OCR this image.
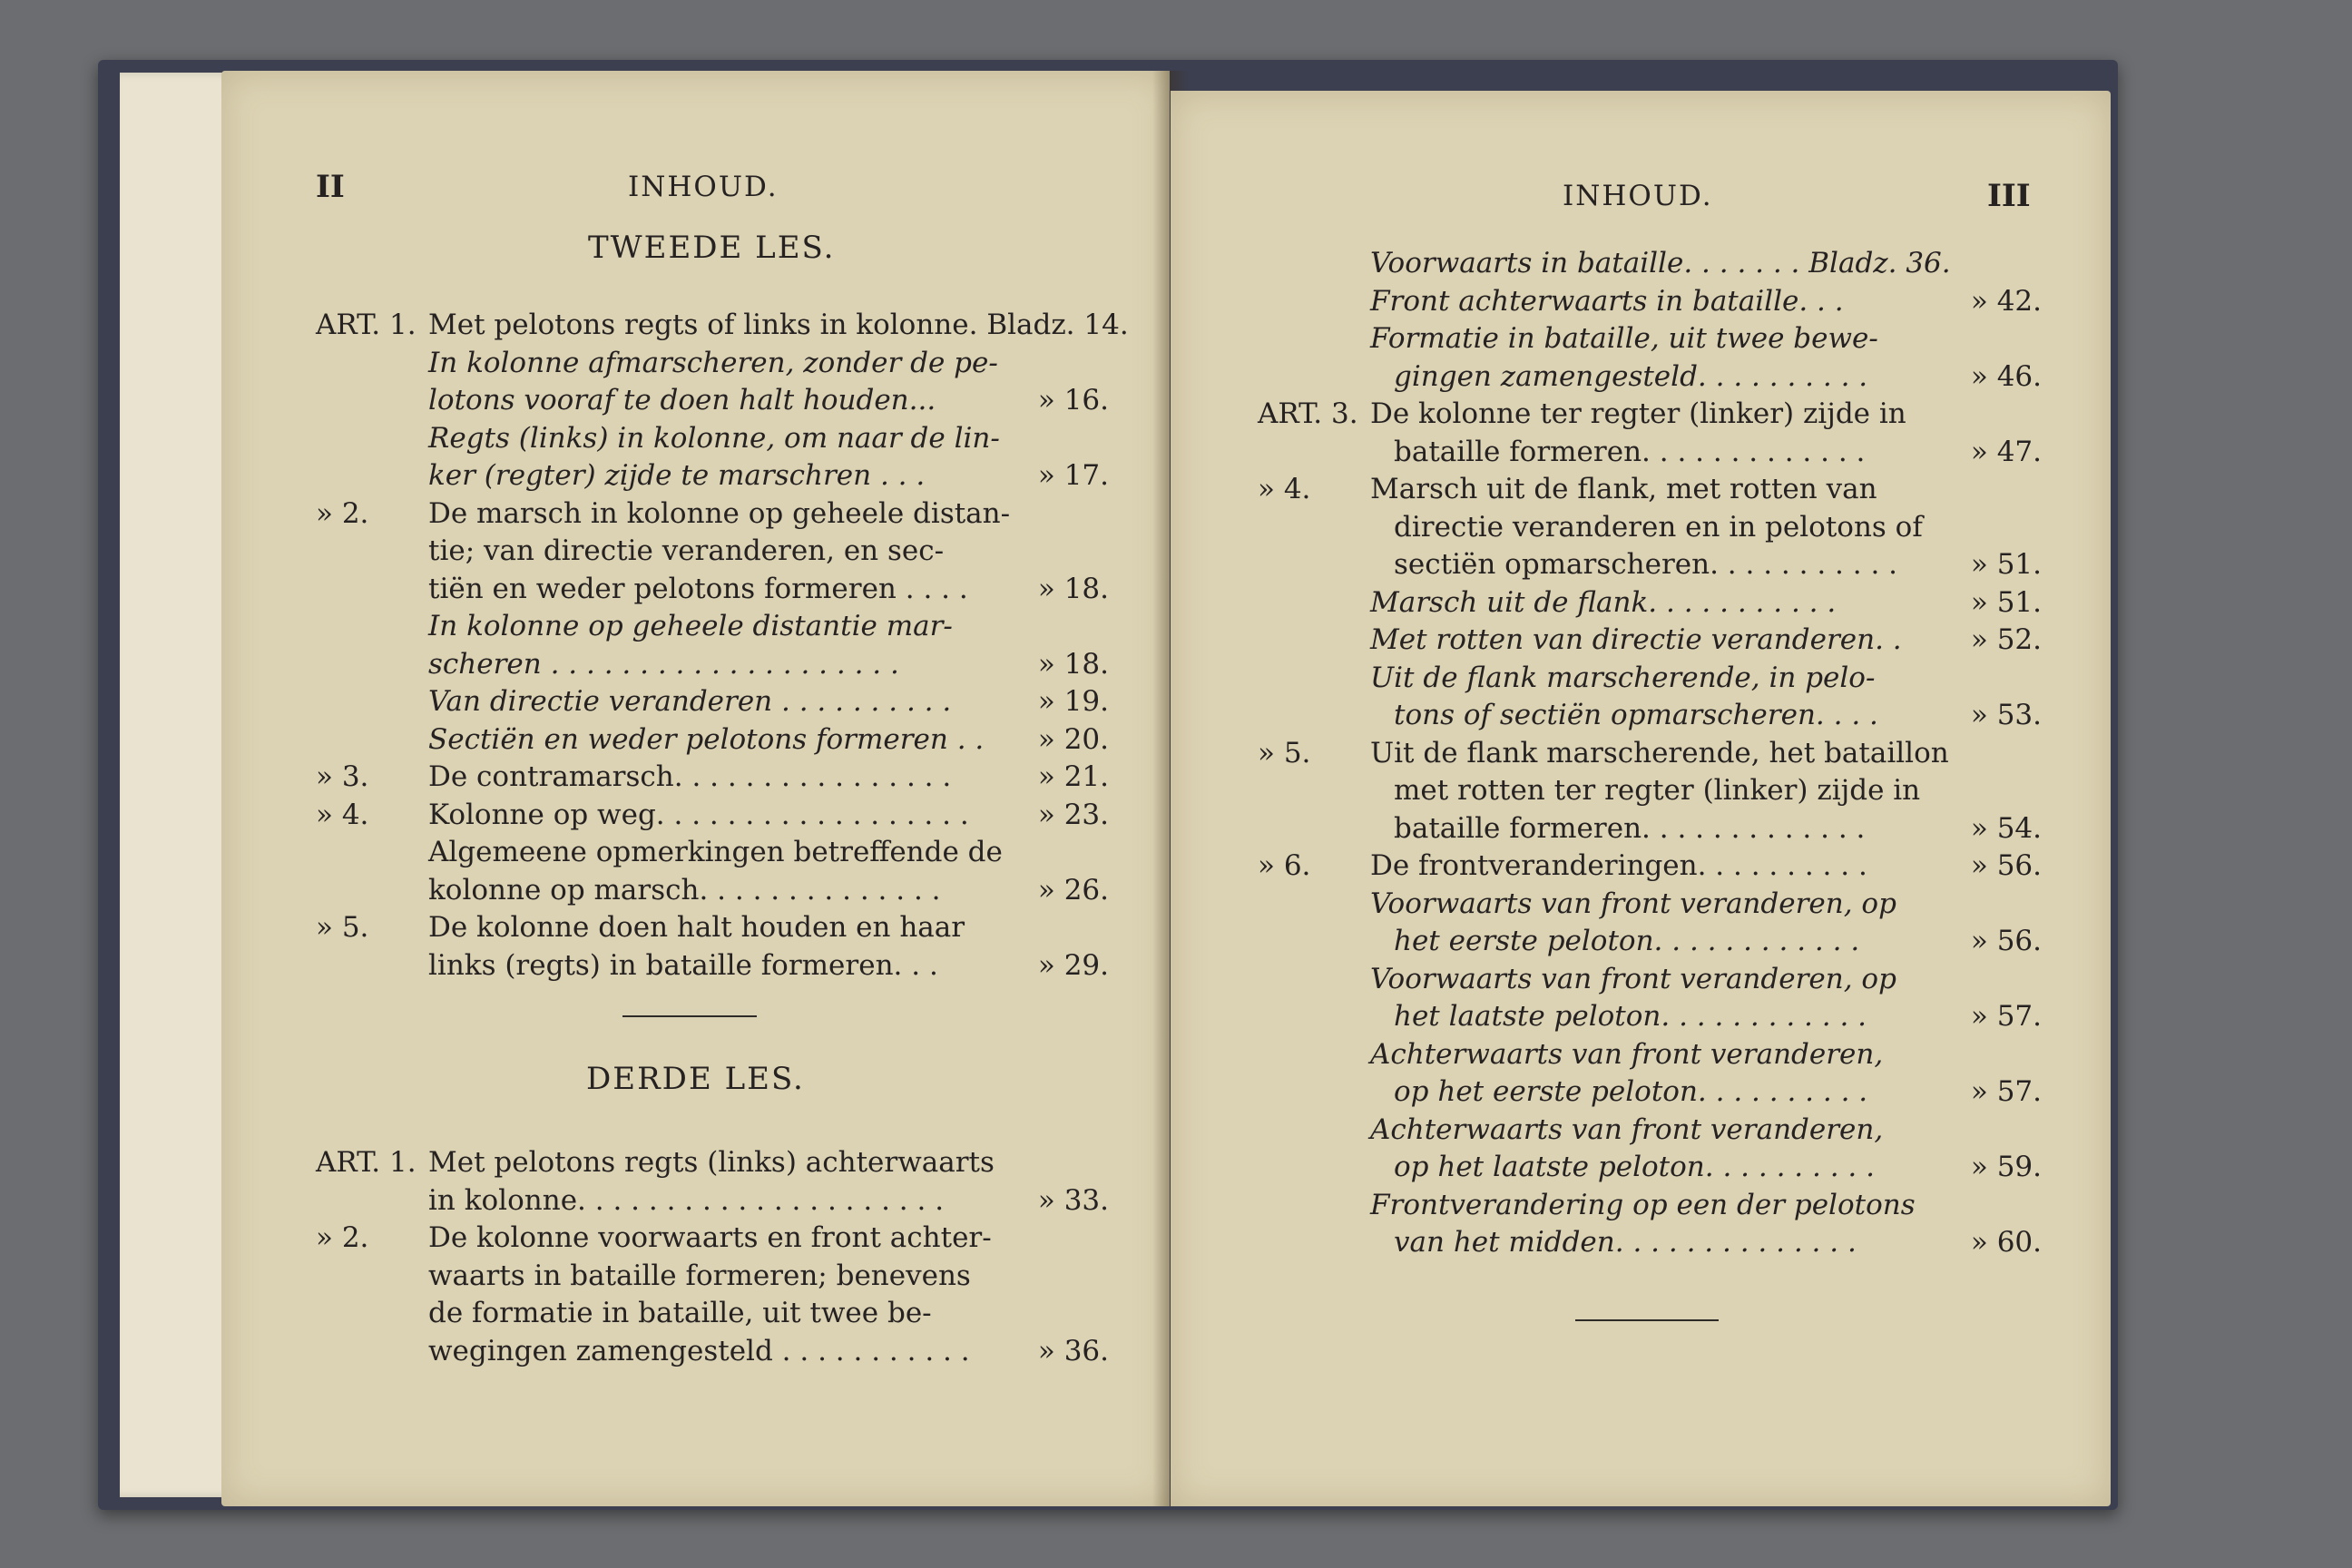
II	INHOUD.
TWEEDE LES.
ART. 1. Met pelotons regts of links in kolonne. Bladz. 14.
In kolonne afmarscheren, zonder de pe-
lotons vooraf te doen halt houden...	» 16.
Regts (links) in kolonne, om naar de lin-
ker (regter) zijde te marschren . . .	» 17.
» 2. De marsch in kolonne op geheele distan-
tie; van directie veranderen, en sec-
tiën en weder pelotons formeren . . . .	» 18.
In kolonne op geheele distantie mar-
scheren . . . . . . . . . . . . . . . . . . . .	» 18.
Van directie veranderen . . . . . . . . . .	» 19.
Sectiën en weder pelotons formeren . .	» 20.
» 3. De contramarsch. . . . . . . . . . . . . . . .	» 21.
» 4. Kolonne op weg. . . . . . . . . . . . . . . . . .	» 23.
Algemeene opmerkingen betreffende de
kolonne op marsch. . . . . . . . . . . . . .	» 26.
» 5. De kolonne doen halt houden en haar
links (regts) in bataille formeren. . .	» 29.
DERDE LES.
ART. 1. Met pelotons regts (links) achterwaarts
in kolonne. . . . . . . . . . . . . . . . . . . . .	» 33.
» 2. De kolonne voorwaarts en front achter-
waarts in bataille formeren; benevens
de formatie in bataille, uit twee be-
wegingen zamengesteld . . . . . . . . . . .	» 36.
INHOUD.	III
Voorwaarts in bataille. . . . . . . Bladz. 36.
Front achterwaarts in bataille. . .	» 42.
Formatie in bataille, uit twee bewe-
gingen zamengesteld. . . . . . . . . .	» 46.
ART. 3. De kolonne ter regter (linker) zijde in
bataille formeren. . . . . . . . . . . . .	» 47.
» 4. Marsch uit de flank, met rotten van
directie veranderen en in pelotons of
sectiën opmarscheren. . . . . . . . . . .	» 51.
Marsch uit de flank. . . . . . . . . . .	» 51.
Met rotten van directie veranderen. .	» 52.
Uit de flank marscherende, in pelo-
tons of sectiën opmarscheren. . . .	» 53.
» 5. Uit de flank marscherende, het bataillon
met rotten ter regter (linker) zijde in
bataille formeren. . . . . . . . . . . . .	» 54.
» 6. De frontveranderingen. . . . . . . . . .	» 56.
Voorwaarts van front veranderen, op
het eerste peloton. . . . . . . . . . . .	» 56.
Voorwaarts van front veranderen, op
het laatste peloton. . . . . . . . . . . .	» 57.
Achterwaarts van front veranderen,
op het eerste peloton. . . . . . . . . .	» 57.
Achterwaarts van front veranderen,
op het laatste peloton. . . . . . . . . .	» 59.
Frontverandering op een der pelotons
van het midden. . . . . . . . . . . . . .	» 60.
